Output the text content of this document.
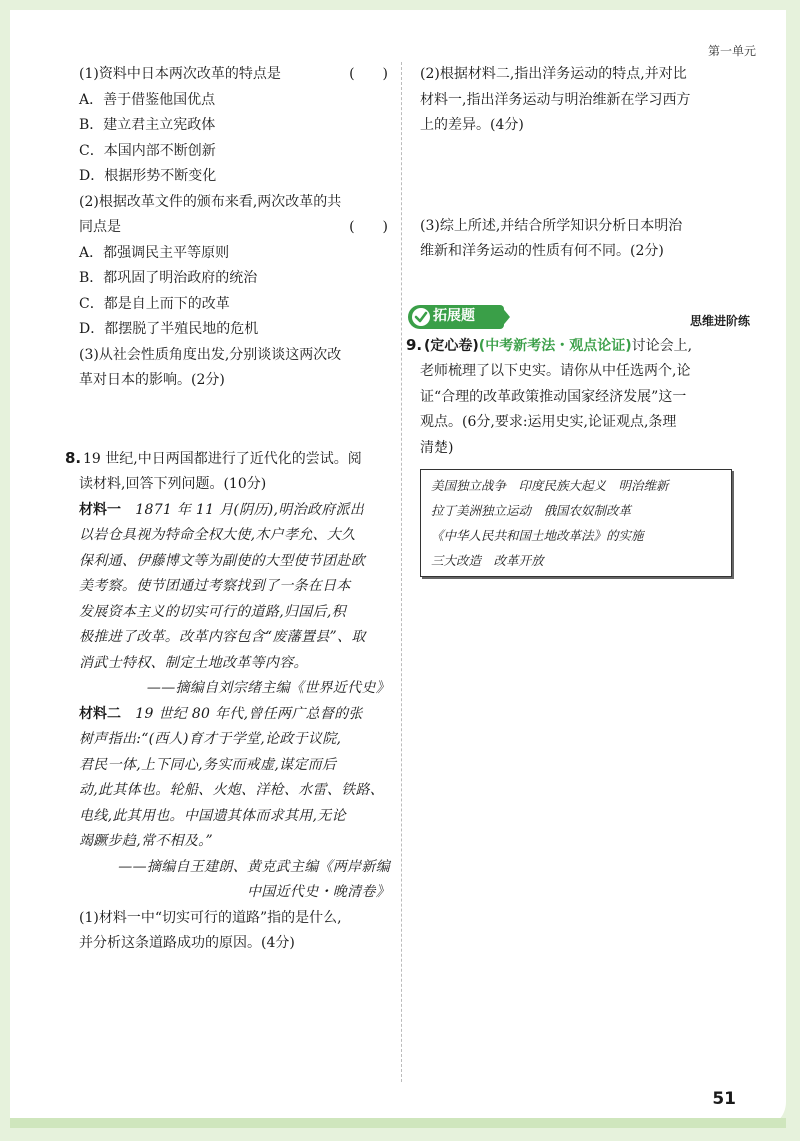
第一单元
(1)资料中日本两次改革的特点是	(　　)
A．善于借鉴他国优点
B．建立君主立宪政体
C．本国内部不断创新
D．根据形势不断变化
(2)根据改革文件的颁布来看,两次改革的共
同点是	(　　)
A．都强调民主平等原则
B．都巩固了明治政府的统治
C．都是自上而下的改革
D．都摆脱了半殖民地的危机
(3)从社会性质角度出发,分别谈谈这两次改
革对日本的影响。(2分)
8. 19 世纪,中日两国都进行了近代化的尝试。阅
读材料,回答下列问题。(10分)
材料一　1871 年 11 月(阴历),明治政府派出
以岩仓具视为特命全权大使,木户孝允、大久
保利通、伊藤博文等为副使的大型使节团赴欧
美考察。使节团通过考察找到了一条在日本
发展资本主义的切实可行的道路,归国后,积
极推进了改革。改革内容包含“废藩置县”、取
消武士特权、制定土地改革等内容。
——摘编自刘宗绪主编《世界近代史》
材料二　19 世纪 80 年代,曾任两广总督的张
树声指出:“(西人)育才于学堂,论政于议院,
君民一体,上下同心,务实而戒虚,谋定而后
动,此其体也。轮船、火炮、洋枪、水雷、铁路、
电线,此其用也。中国遗其体而求其用,无论
竭蹶步趋,常不相及。”
——摘编自王建朗、黄克武主编《两岸新编
中国近代史・晚清卷》
(1)材料一中“切实可行的道路”指的是什么,
并分析这条道路成功的原因。(4分)
(2)根据材料二,指出洋务运动的特点,并对比
材料一,指出洋务运动与明治维新在学习西方
上的差异。(4分)
(3)综上所述,并结合所学知识分析日本明治
维新和洋务运动的性质有何不同。(2分)
拓展题	思维进阶练
9. (定心卷)(中考新考法・观点论证)讨论会上,
老师梳理了以下史实。请你从中任选两个,论
证“合理的改革政策推动国家经济发展”这一
观点。(6分,要求:运用史实,论证观点,条理
清楚)
美国独立战争　印度民族大起义　明治维新
拉丁美洲独立运动　俄国农奴制改革
《中华人民共和国土地改革法》的实施
三大改造　改革开放
51
